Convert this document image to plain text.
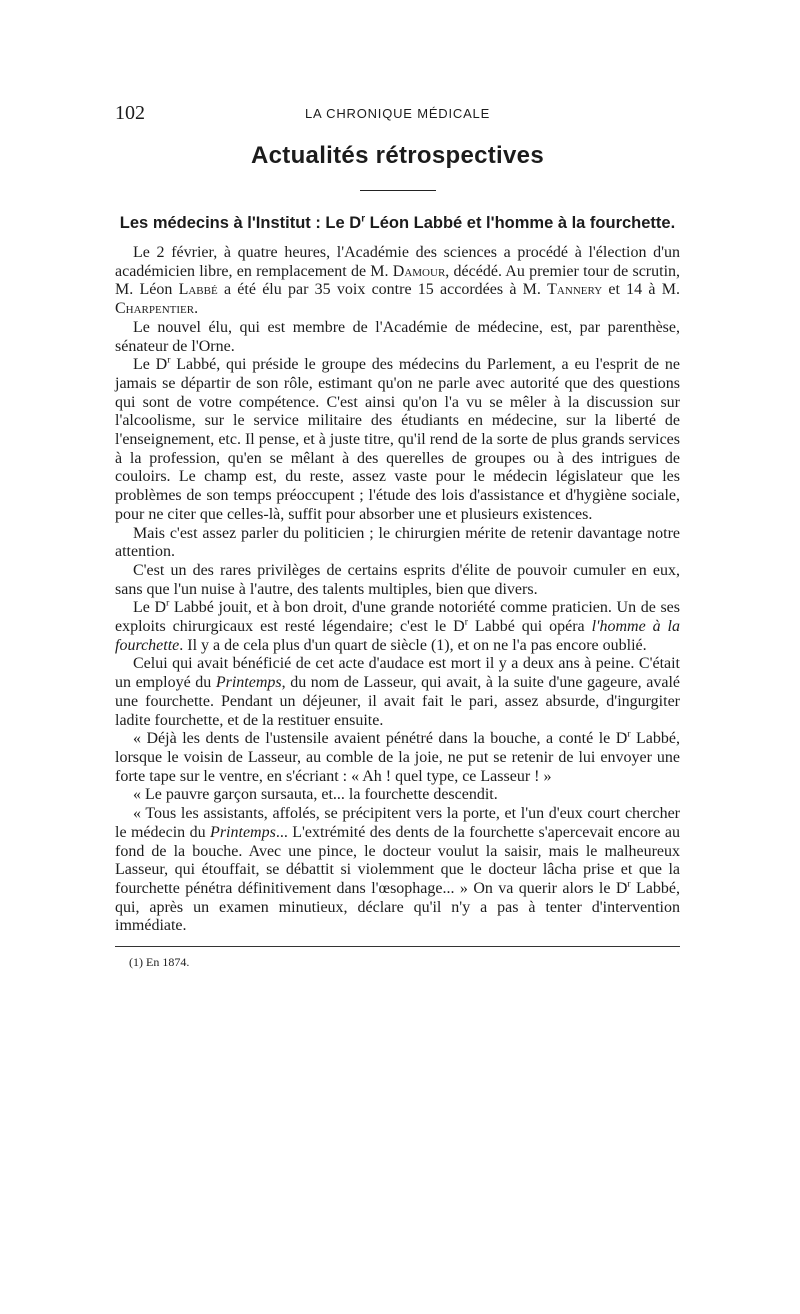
102	LA CHRONIQUE MÉDICALE
Actualités rétrospectives
Les médecins à l'Institut : Le $D^r$ Léon Labbé et l'homme à la fourchette.

Le 2 février, à quatre heures, l'Académie des sciences a procédé à l'élection d'un académicien libre, en remplacement de M. Damour, décédé. Au premier tour de scrutin, M. Léon Labbé a été élu par 35 voix contre 15 accordées à M. Tannery et 14 à M. Charpentier.

Le nouvel élu, qui est membre de l'Académie de médecine, est, par parenthèse, sénateur de l'Orne.

Le $D^r$ Labbé, qui préside le groupe des médecins du Parlement, a eu l'esprit de ne jamais se départir de son rôle, estimant qu'on ne parle avec autorité que des questions qui sont de votre compétence. C'est ainsi qu'on l'a vu se mêler à la discussion sur l'alcoolisme, sur le service militaire des étudiants en médecine, sur la liberté de l'enseignement, etc. Il pense, et à juste titre, qu'il rend de la sorte de plus grands services à la profession, qu'en se mêlant à des querelles de groupes ou à des intrigues de couloirs. Le champ est, du reste, assez vaste pour le médecin législateur que les problèmes de son temps préoccupent ; l'étude des lois d'assistance et d'hygiène sociale, pour ne citer que celles-là, suffit pour absorber une et plusieurs existences.

Mais c'est assez parler du politicien ; le chirurgien mérite de retenir davantage notre attention.

C'est un des rares privilèges de certains esprits d'élite de pouvoir cumuler en eux, sans que l'un nuise à l'autre, des talents multiples, bien que divers.

Le $D^r$ Labbé jouit, et à bon droit, d'une grande notoriété comme praticien. Un de ses exploits chirurgicaux est resté légendaire; c'est le $D^r$ Labbé qui opéra l'homme à la fourchette. Il y a de cela plus d'un quart de siècle (1), et on ne l'a pas encore oublié.

Celui qui avait bénéficié de cet acte d'audace est mort il y a deux ans à peine. C'était un employé du Printemps, du nom de Lasseur, qui avait, à la suite d'une gageure, avalé une fourchette. Pendant un déjeuner, il avait fait le pari, assez absurde, d'ingurgiter ladite fourchette, et de la restituer ensuite.

« Déjà les dents de l'ustensile avaient pénétré dans la bouche, a conté le $D^r$ Labbé, lorsque le voisin de Lasseur, au comble de la joie, ne put se retenir de lui envoyer une forte tape sur le ventre, en s'écriant : « Ah ! quel type, ce Lasseur ! »

« Le pauvre garçon sursauta, et... la fourchette descendit.

« Tous les assistants, affolés, se précipitent vers la porte, et l'un d'eux court chercher le médecin du Printemps... L'extrémité des dents de la fourchette s'apercevait encore au fond de la bouche. Avec une pince, le docteur voulut la saisir, mais le malheureux Lasseur, qui étouffait, se débattit si violemment que le docteur lâcha prise et que la fourchette pénétra définitivement dans l'œsophage... » On va querir alors le $D^r$ Labbé, qui, après un examen minutieux, déclare qu'il n'y a pas à tenter d'intervention immédiate.

(1) En 1874.
